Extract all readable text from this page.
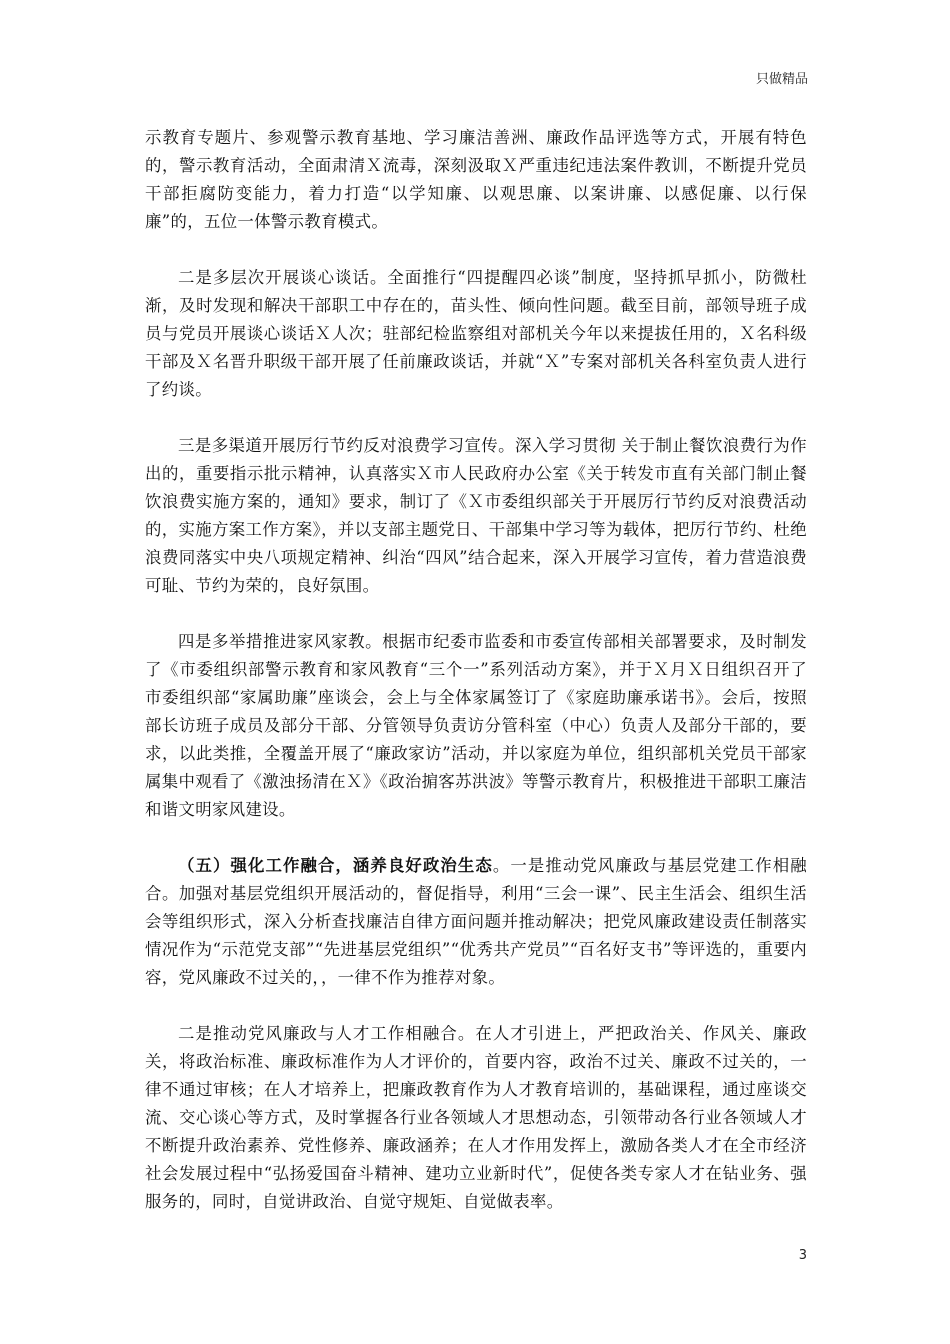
只做精品

示教育专题片、参观警示教育基地、学习廉洁善洲、廉政作品评选等方式，开展有特色的，警示教育活动，全面肃清Ｘ流毒，深刻汲取Ｘ严重违纪违法案件教训，不断提升党员干部拒腐防变能力，着力打造“以学知廉、以观思廉、以案讲廉、以感促廉、以行保廉”的，五位一体警示教育模式。

二是多层次开展谈心谈话。全面推行“四提醒四必谈”制度，坚持抓早抓小，防微杜渐，及时发现和解决干部职工中存在的，苗头性、倾向性问题。截至目前，部领导班子成员与党员开展谈心谈话Ｘ人次；驻部纪检监察组对部机关今年以来提拔任用的，Ｘ名科级干部及Ｘ名晋升职级干部开展了任前廉政谈话，并就“Ｘ”专案对部机关各科室负责人进行了约谈。

三是多渠道开展厉行节约反对浪费学习宣传。深入学习贯彻 关于制止餐饮浪费行为作出的，重要指示批示精神，认真落实Ｘ市人民政府办公室《关于转发市直有关部门制止餐饮浪费实施方案的，通知》要求，制订了《Ｘ市委组织部关于开展厉行节约反对浪费活动的，实施方案工作方案》，并以支部主题党日、干部集中学习等为载体，把厉行节约、杜绝浪费同落实中央八项规定精神、纠治“四风”结合起来，深入开展学习宣传，着力营造浪费可耻、节约为荣的，良好氛围。

四是多举措推进家风家教。根据市纪委市监委和市委宣传部相关部署要求，及时制发了《市委组织部警示教育和家风教育“三个一”系列活动方案》，并于Ｘ月Ｘ日组织召开了市委组织部“家属助廉”座谈会，会上与全体家属签订了《家庭助廉承诺书》。会后，按照部长访班子成员及部分干部、分管领导负责访分管科室（中心）负责人及部分干部的，要求，以此类推，全覆盖开展了“廉政家访”活动，并以家庭为单位，组织部机关党员干部家属集中观看了《激浊扬清在Ｘ》《政治掮客苏洪波》等警示教育片，积极推进干部职工廉洁和谐文明家风建设。

（五）强化工作融合，涵养良好政治生态。一是推动党风廉政与基层党建工作相融合。加强对基层党组织开展活动的，督促指导，利用“三会一课”、民主生活会、组织生活会等组织形式，深入分析查找廉洁自律方面问题并推动解决；把党风廉政建设责任制落实情况作为“示范党支部”“先进基层党组织”“优秀共产党员”“百名好支书”等评选的，重要内容，党风廉政不过关的，，一律不作为推荐对象。

二是推动党风廉政与人才工作相融合。在人才引进上，严把政治关、作风关、廉政关，将政治标准、廉政标准作为人才评价的，首要内容，政治不过关、廉政不过关的，一律不通过审核；在人才培养上，把廉政教育作为人才教育培训的，基础课程，通过座谈交流、交心谈心等方式，及时掌握各行业各领域人才思想动态，引领带动各行业各领域人才不断提升政治素养、党性修养、廉政涵养；在人才作用发挥上，激励各类人才在全市经济社会发展过程中“弘扬爱国奋斗精神、建功立业新时代”，促使各类专家人才在钻业务、强服务的，同时，自觉讲政治、自觉守规矩、自觉做表率。

3
